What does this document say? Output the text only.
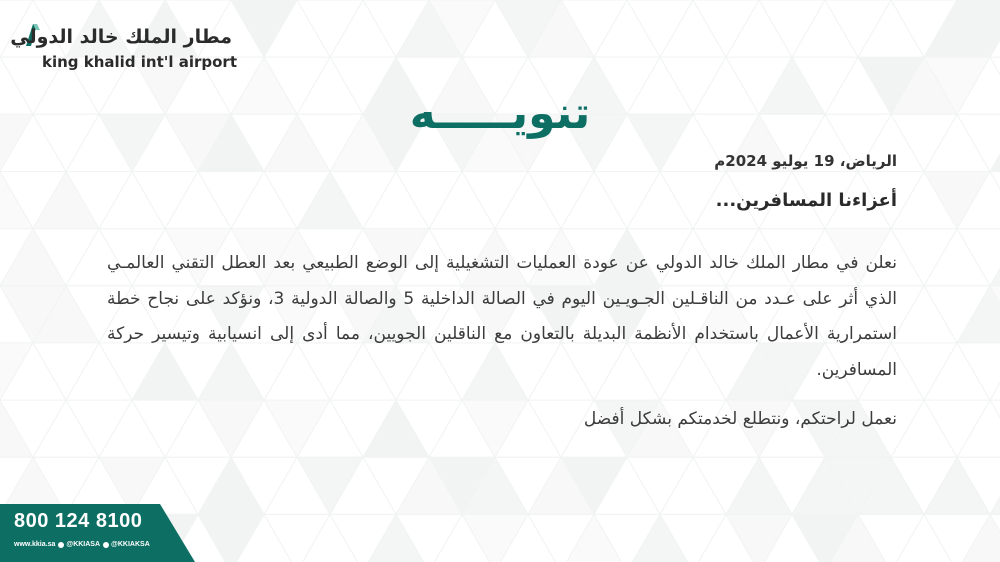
مطار الملك خالد الدولي
king khalid int'l airport
تنويـــــه

الرياض، 19 يوليو 2024م

أعزاءنا المسافرين...

نعلن في مطار الملك خالد الدولي عن عودة العمليات التشغيلية إلى الوضع الطبيعي بعد العطل التقني العالمـي الذي أثر على عـدد من الناقـلين الجـويـين اليوم في الصالة الداخلية 5 والصالة الدولية 3، ونؤكد على نجاح خطة استمرارية الأعمال باستخدام الأنظمة البديلة بالتعاون مع الناقلين الجويين، مما أدى إلى انسيابية وتيسير حركة المسافرين.

نعمل لراحتكم، ونتطلع لخدمتكم بشكل أفضل

800 124 8100
www.kkia.sa @KKIASA @KKIAKSA
